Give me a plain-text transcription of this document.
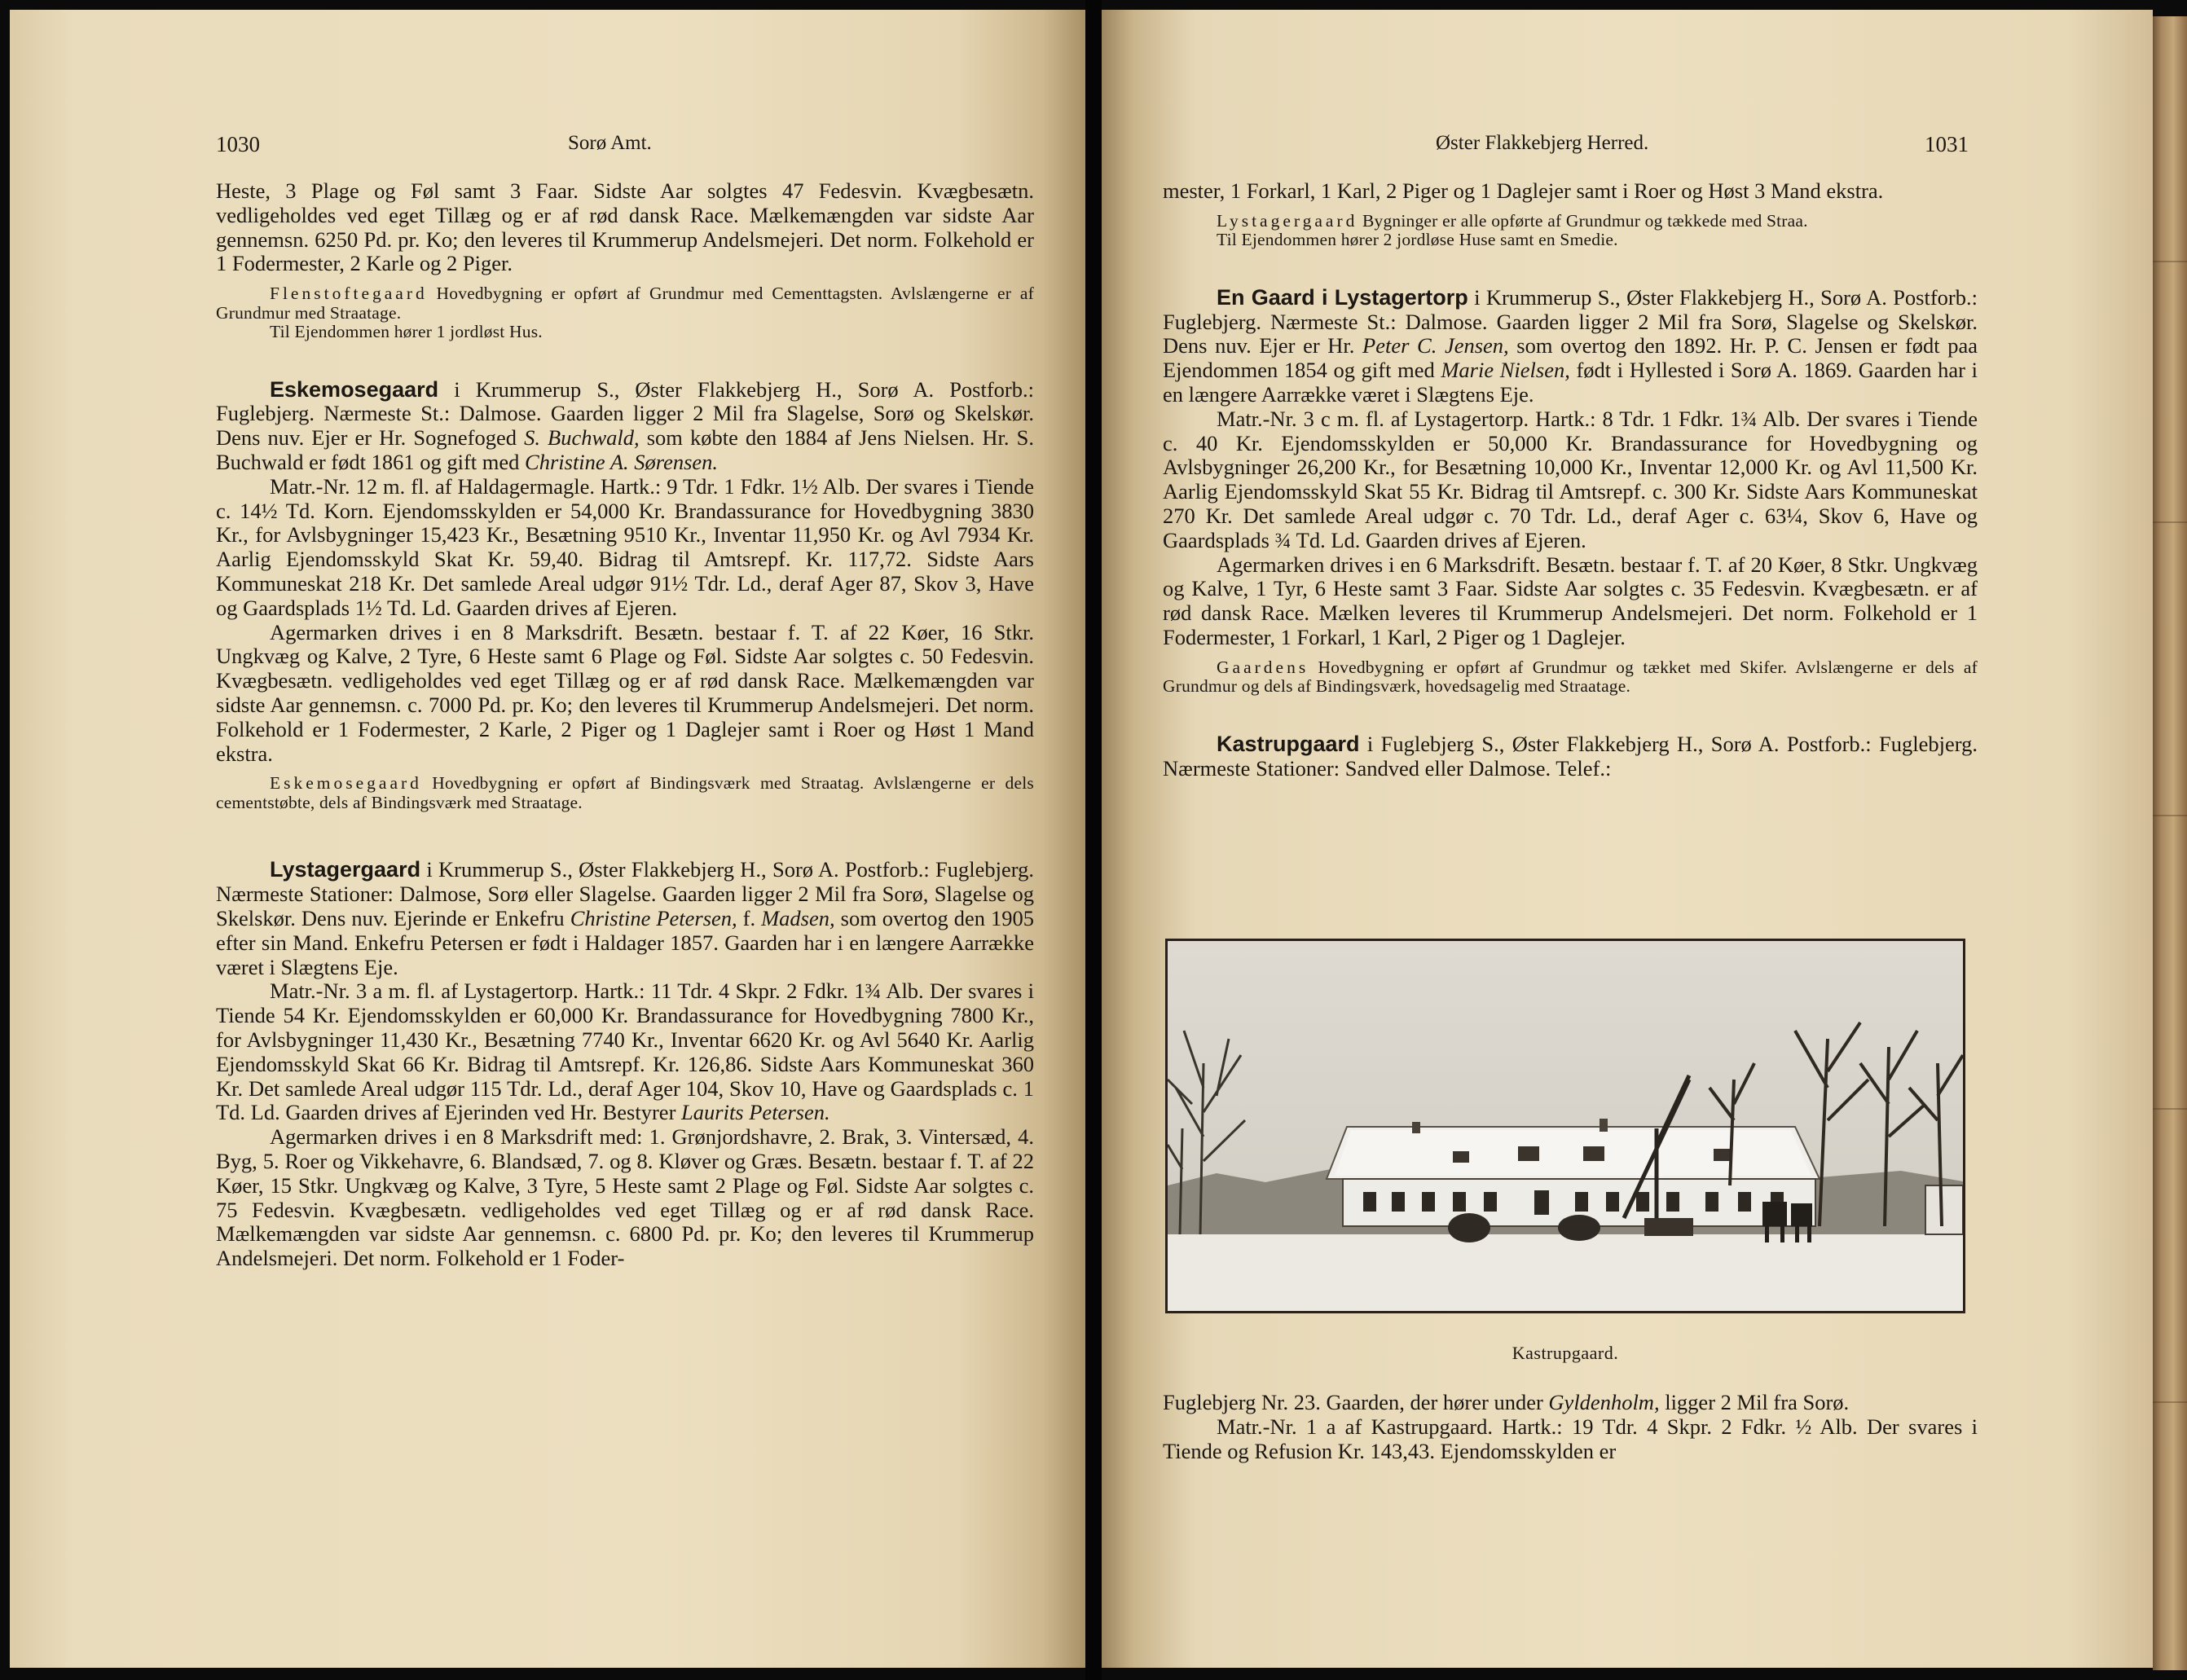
1030	Sorø Amt.

Heste, 3 Plage og Føl samt 3 Faar. Sidste Aar solgtes 47 Fedesvin. Kvægbesætn. vedligeholdes ved eget Tillæg og er af rød dansk Race. Mælkemængden var sidste Aar gennemsn. 6250 Pd. pr. Ko; den leveres til Krummerup Andelsmejeri. Det norm. Folkehold er 1 Fodermester, 2 Karle og 2 Piger.

Flenstoftegaard Hovedbygning er opført af Grundmur med Cementtagsten. Avlslængerne er af Grundmur med Straatage.

Til Ejendommen hører 1 jordløst Hus.

Eskemosegaard i Krummerup S., Øster Flakkebjerg H., Sorø A. Postforb.: Fuglebjerg. Nærmeste St.: Dalmose. Gaarden ligger 2 Mil fra Slagelse, Sorø og Skelskør. Dens nuv. Ejer er Hr. Sognefoged S. Buchwald, som købte den 1884 af Jens Nielsen. Hr. S. Buchwald er født 1861 og gift med Christine A. Sørensen.

Matr.-Nr. 12 m. fl. af Haldagermagle. Hartk.: 9 Tdr. 1 Fdkr. 1½ Alb. Der svares i Tiende c. 14½ Td. Korn. Ejendomsskylden er 54,000 Kr. Brandassurance for Hovedbygning 3830 Kr., for Avlsbygninger 15,423 Kr., Besætning 9510 Kr., Inventar 11,950 Kr. og Avl 7934 Kr. Aarlig Ejendomsskyld Skat Kr. 59,40. Bidrag til Amtsrepf. Kr. 117,72. Sidste Aars Kommuneskat 218 Kr. Det samlede Areal udgør 91½ Tdr. Ld., deraf Ager 87, Skov 3, Have og Gaardsplads 1½ Td. Ld. Gaarden drives af Ejeren.

Agermarken drives i en 8 Marksdrift. Besætn. bestaar f. T. af 22 Køer, 16 Stkr. Ungkvæg og Kalve, 2 Tyre, 6 Heste samt 6 Plage og Føl. Sidste Aar solgtes c. 50 Fedesvin. Kvægbesætn. vedligeholdes ved eget Tillæg og er af rød dansk Race. Mælkemængden var sidste Aar gennemsn. c. 7000 Pd. pr. Ko; den leveres til Krummerup Andelsmejeri. Det norm. Folkehold er 1 Fodermester, 2 Karle, 2 Piger og 1 Daglejer samt i Roer og Høst 1 Mand ekstra.

Eskemosegaard Hovedbygning er opført af Bindingsværk med Straatag. Avlslængerne er dels cementstøbte, dels af Bindingsværk med Straatage.

Lystagergaard i Krummerup S., Øster Flakkebjerg H., Sorø A. Postforb.: Fuglebjerg. Nærmeste Stationer: Dalmose, Sorø eller Slagelse. Gaarden ligger 2 Mil fra Sorø, Slagelse og Skelskør. Dens nuv. Ejerinde er Enkefru Christine Petersen, f. Madsen, som overtog den 1905 efter sin Mand. Enkefru Petersen er født i Haldager 1857. Gaarden har i en længere Aarrække været i Slægtens Eje.

Matr.-Nr. 3 a m. fl. af Lystagertorp. Hartk.: 11 Tdr. 4 Skpr. 2 Fdkr. 1¾ Alb. Der svares i Tiende 54 Kr. Ejendomsskylden er 60,000 Kr. Brandassurance for Hovedbygning 7800 Kr., for Avlsbygninger 11,430 Kr., Besætning 7740 Kr., Inventar 6620 Kr. og Avl 5640 Kr. Aarlig Ejendomsskyld Skat 66 Kr. Bidrag til Amtsrepf. Kr. 126,86. Sidste Aars Kommuneskat 360 Kr. Det samlede Areal udgør 115 Tdr. Ld., deraf Ager 104, Skov 10, Have og Gaardsplads c. 1 Td. Ld. Gaarden drives af Ejerinden ved Hr. Bestyrer Laurits Petersen.

Agermarken drives i en 8 Marksdrift med: 1. Grønjordshavre, 2. Brak, 3. Vintersæd, 4. Byg, 5. Roer og Vikkehavre, 6. Blandsæd, 7. og 8. Kløver og Græs. Besætn. bestaar f. T. af 22 Køer, 15 Stkr. Ungkvæg og Kalve, 3 Tyre, 5 Heste samt 2 Plage og Føl. Sidste Aar solgtes c. 75 Fedesvin. Kvægbesætn. vedligeholdes ved eget Tillæg og er af rød dansk Race. Mælkemængden var sidste Aar gennemsn. c. 6800 Pd. pr. Ko; den leveres til Krummerup Andelsmejeri. Det norm. Folkehold er 1 Foder-

Øster Flakkebjerg Herred.	1031

mester, 1 Forkarl, 1 Karl, 2 Piger og 1 Daglejer samt i Roer og Høst 3 Mand ekstra.

Lystagergaard Bygninger er alle opførte af Grundmur og tækkede med Straa.

Til Ejendommen hører 2 jordløse Huse samt en Smedie.

En Gaard i Lystagertorp i Krummerup S., Øster Flakkebjerg H., Sorø A. Postforb.: Fuglebjerg. Nærmeste St.: Dalmose. Gaarden ligger 2 Mil fra Sorø, Slagelse og Skelskør. Dens nuv. Ejer er Hr. Peter C. Jensen, som overtog den 1892. Hr. P. C. Jensen er født paa Ejendommen 1854 og gift med Marie Nielsen, født i Hyllested i Sorø A. 1869. Gaarden har i en længere Aarrække været i Slægtens Eje.

Matr.-Nr. 3 c m. fl. af Lystagertorp. Hartk.: 8 Tdr. 1 Fdkr. 1¾ Alb. Der svares i Tiende c. 40 Kr. Ejendomsskylden er 50,000 Kr. Brandassurance for Hovedbygning og Avlsbygninger 26,200 Kr., for Besætning 10,000 Kr., Inventar 12,000 Kr. og Avl 11,500 Kr. Aarlig Ejendomsskyld Skat 55 Kr. Bidrag til Amtsrepf. c. 300 Kr. Sidste Aars Kommuneskat 270 Kr. Det samlede Areal udgør c. 70 Tdr. Ld., deraf Ager c. 63¼, Skov 6, Have og Gaardsplads ¾ Td. Ld. Gaarden drives af Ejeren.

Agermarken drives i en 6 Marksdrift. Besætn. bestaar f. T. af 20 Køer, 8 Stkr. Ungkvæg og Kalve, 1 Tyr, 6 Heste samt 3 Faar. Sidste Aar solgtes c. 35 Fedesvin. Kvægbesætn. er af rød dansk Race. Mælken leveres til Krummerup Andelsmejeri. Det norm. Folkehold er 1 Fodermester, 1 Forkarl, 1 Karl, 2 Piger og 1 Daglejer.

Gaardens Hovedbygning er opført af Grundmur og tækket med Skifer. Avlslængerne er dels af Grundmur og dels af Bindingsværk, hovedsagelig med Straatage.

Kastrupgaard i Fuglebjerg S., Øster Flakkebjerg H., Sorø A. Postforb.: Fuglebjerg. Nærmeste Stationer: Sandved eller Dalmose. Telef.:

Kastrupgaard.

Fuglebjerg Nr. 23. Gaarden, der hører under Gyldenholm, ligger 2 Mil fra Sorø.

Matr.-Nr. 1 a af Kastrupgaard. Hartk.: 19 Tdr. 4 Skpr. 2 Fdkr. ½ Alb. Der svares i Tiende og Refusion Kr. 143,43. Ejendomsskylden er
